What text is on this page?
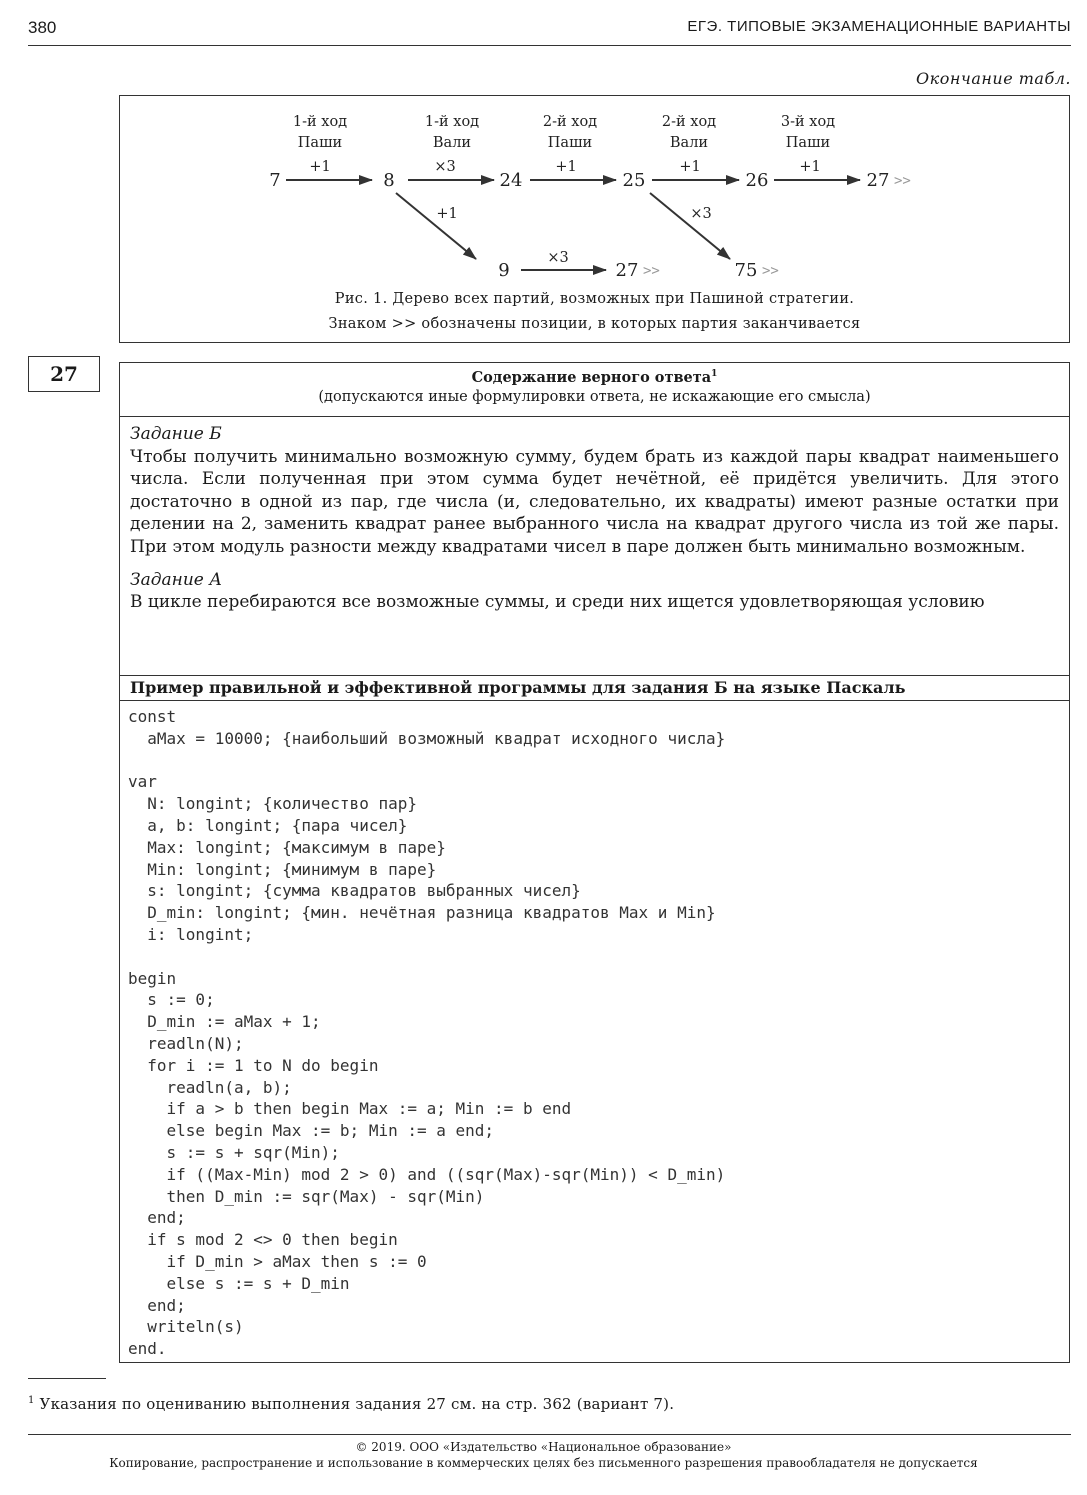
380	ЕГЭ. ТИПОВЫЕ ЭКЗАМЕНАЦИОННЫЕ ВАРИАНТЫ
Окончание табл.
1-й ход
Паши
1-й ход
Вали
2-й ход
Паши
2-й ход
Вали
3-й ход
Паши
7	8	24	25	26	27
9	27	75
>>
>>	>>
+1	×3	+1	+1	+1
+1
×3
×3
Рис. 1. Дерево всех партий, возможных при Пашиной стратегии.
Знаком >> обозначены позиции, в которых партия заканчивается
27	Содержание верного ответа$^1$
(допускаются иные формулировки ответа, не искажающие его смысла)

Задание Б

Чтобы получить минимально возможную сумму, будем брать из каждой пары квадрат наименьшего числа. Если полученная при этом сумма будет нечётной, её придётся увеличить. Для этого достаточно в одной из пар, где числа (и, следовательно, их квадраты) имеют разные остатки при делении на 2, заменить квадрат ранее выбранного числа на квадрат другого числа из той же пары. При этом модуль разности между квадратами чисел в паре должен быть минимально возможным.

Задание А

В цикле перебираются все возможные суммы, и среди них ищется удовлетворяющая условию

Пример правильной и эффективной программы для задания Б на языке Паскаль
const
aMax = 10000; {наибольший возможный квадрат исходного числа}

var
N: longint; {количество пар}
a, b: longint; {пара чисел}
Max: longint; {максимум в паре}
Min: longint; {минимум в паре}
s: longint; {сумма квадратов выбранных чисел}
D_min: longint; {мин. нечётная разница квадратов Max и Min}
i: longint;

begin
s := 0;
D_min := aMax + 1;
readln(N);
for i := 1 to N do begin
readln(a, b);
if a > b then begin Max := a; Min := b end
else begin Max := b; Min := a end;
s := s + sqr(Min);
if ((Max-Min) mod 2 > 0) and ((sqr(Max)-sqr(Min)) < D_min)
then D_min := sqr(Max) - sqr(Min)
end;
if s mod 2 <> 0 then begin
if D_min > aMax then s := 0
else s := s + D_min
end;
writeln(s)
end.
$^1$ Указания по оцениванию выполнения задания 27 см. на стр. 362 (вариант 7).
© 2019. ООО «Издательство «Национальное образование»
Копирование, распространение и использование в коммерческих целях без письменного разрешения правообладателя не допускается
